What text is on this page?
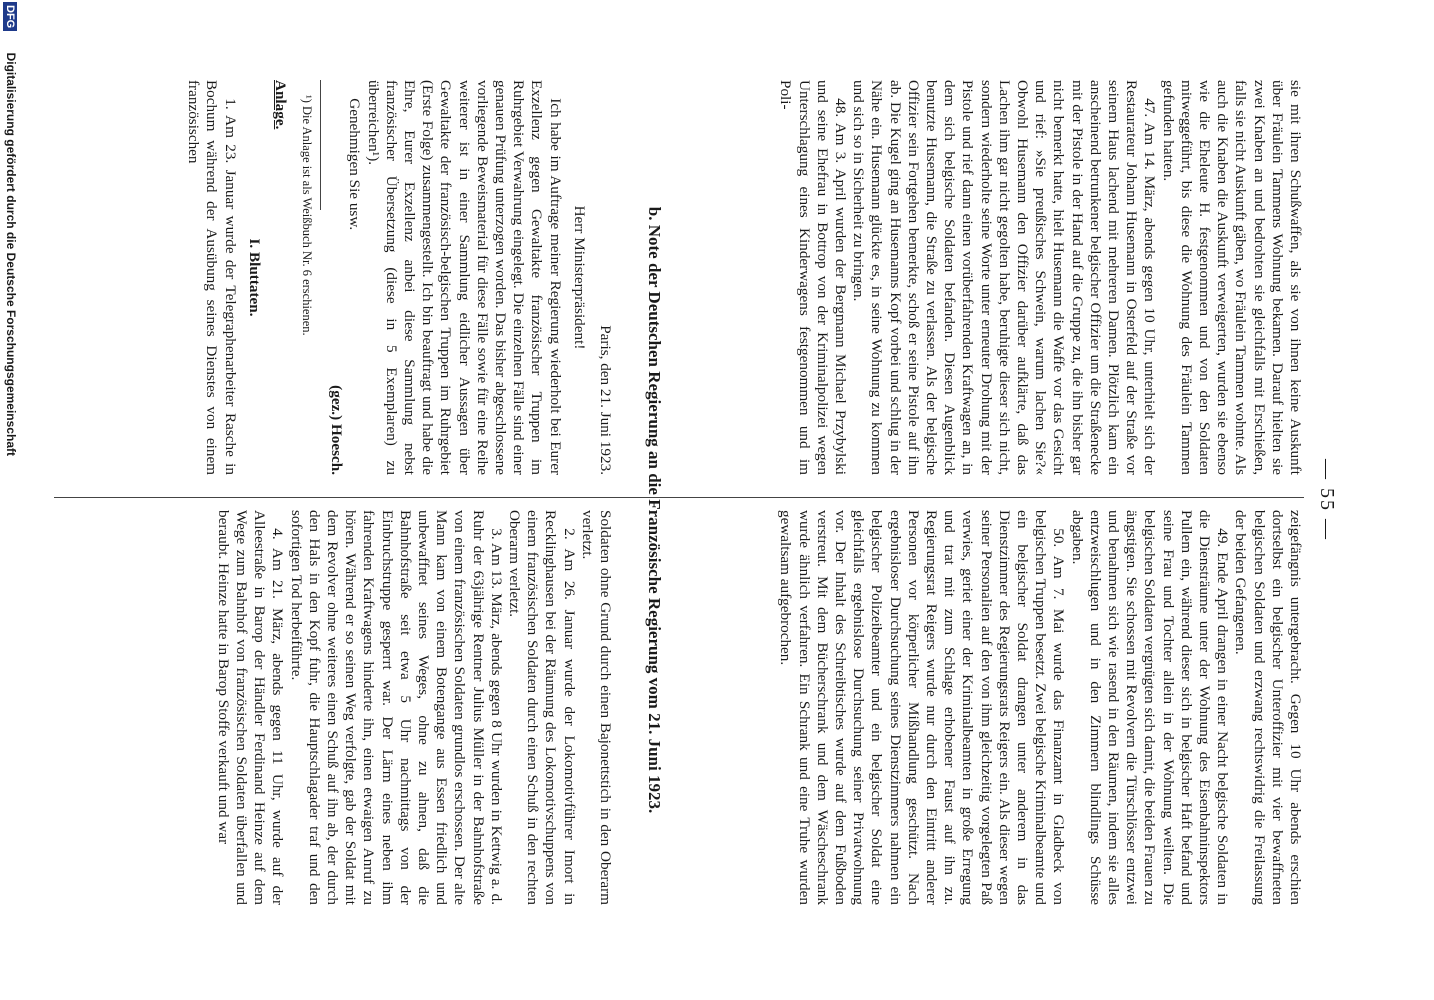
— 55 —

sie mit ihren Schußwaffen, als sie von ihnen keine Auskunft über Fräulein Tammens Wohnung bekamen. Darauf hielten sie zwei Knaben an und bedrohten sie gleichfalls mit Erschießen, falls sie nicht Auskunft gäben, wo Fräulein Tammen wohnte. Als auch die Knaben die Auskunft verweigerten, wurden sie ebenso wie die Eheleute H. festgenommen und von den Soldaten mitweggeführt, bis diese die Wohnung des Fräulein Tammen gefunden hatten.

47. Am 14. März, abends gegen 10 Uhr, unterhielt sich der Restaurateur Johann Husemann in Osterfeld auf der Straße vor seinem Haus lachend mit mehreren Damen. Plötzlich kam ein anscheinend betrunkener belgischer Offizier um die Straßenecke mit der Pistole in der Hand auf die Gruppe zu, die ihn bisher gar nicht bemerkt hatte, hielt Husemann die Waffe vor das Gesicht und rief: »Sie preußisches Schwein, warum lachen Sie?« Obwohl Husemann den Offizier darüber aufklärte, daß das Lachen ihm gar nicht gegolten habe, beruhigte dieser sich nicht, sondern wiederholte seine Worte unter erneuter Drohung mit der Pistole und rief dann einen vorüberfahrenden Kraftwagen an, in dem sich belgische Soldaten befanden. Diesen Augenblick benutzte Husemann, die Straße zu verlassen. Als der belgische Offizier sein Fortgehen bemerkte, schoß er seine Pistole auf ihn ab. Die Kugel ging an Husemanns Kopf vorbei und schlug in der Nähe ein. Husemann glückte es, in seine Wohnung zu kommen und sich so in Sicherheit zu bringen.

48. Am 3. April wurden der Bergmann Michael Przybylski und seine Ehefrau in Bottrop von der Kriminalpolizei wegen Unterschlagung eines Kinderwagens festgenommen und im Poli-

zeigefängnis untergebracht. Gegen 10 Uhr abends erschien dortselbst ein belgischer Unteroffizier mit vier bewaffneten belgischen Soldaten und erzwang rechtswidrig die Freilassung der beiden Gefangenen.

49. Ende April drangen in einer Nacht belgische Soldaten in die Diensträume unter der Wohnung des Eisenbahninspektors Pullem ein, während dieser sich in belgischer Haft befand und seine Frau und Tochter allein in der Wohnung weilten. Die belgischen Soldaten vergnügten sich damit, die beiden Frauen zu ängstigen. Sie schossen mit Revolvern die Türschlösser entzwei und benahmen sich wie rasend in den Räumen, indem sie alles entzweischlugen und in den Zimmern blindlings Schüsse abgaben.

50. Am 7. Mai wurde das Finanzamt in Gladbeck von belgischen Truppen besetzt. Zwei belgische Kriminalbeamte und ein belgischer Soldat drangen unter anderem in das Dienstzimmer des Regierungsrats Reigers ein. Als dieser wegen seiner Personalien auf den von ihm gleichzeitig vorgelegten Paß verwies, geriet einer der Kriminalbeamten in große Erregung und trat mit zum Schlage erhobener Faust auf ihn zu. Regierungsrat Reigers wurde nur durch den Eintritt anderer Personen vor körperlicher Mißhandlung geschützt. Nach ergebnisloser Durchsuchung seines Dienstzimmers nahmen ein belgischer Polizeibeamter und ein belgischer Soldat eine gleichfalls ergebnislose Durchsuchung seiner Privatwohnung vor. Der Inhalt des Schreibtisches wurde auf dem Fußboden verstreut. Mit dem Bücherschrank und dem Wäscheschrank wurde ähnlich verfahren. Ein Schrank und eine Truhe wurden gewaltsam aufgebrochen.

b. Note der Deutschen Regierung an die Französische Regierung vom 21. Juni 1923.

Paris, den 21. Juni 1923.

Herr Ministerpräsident!

Ich habe im Auftrage meiner Regierung wiederholt bei Eurer Exzellenz gegen Gewaltakte französischer Truppen im Ruhrgebiet Verwahrung eingelegt. Die einzelnen Fälle sind einer genauen Prüfung unterzogen worden. Das bisher abgeschlossene vorliegende Beweismaterial für diese Fälle sowie für eine Reihe weiterer ist in einer Sammlung eidlicher Aussagen über Gewaltakte der französisch-belgischen Truppen im Ruhrgebiet (Erste Folge) zusammengestellt. Ich bin beauftragt und habe die Ehre, Eurer Exzellenz anbei diese Sammlung nebst französischer Übersetzung (diese in 5 Exemplaren) zu überreichen¹).

Genehmigen Sie usw.

(gez.) Hoesch.

¹) Die Anlage ist als Weißbuch Nr. 6 erschienen.

Anlage.

I. Bluttaten.

1. Am 23. Januar wurde der Telegraphenarbeiter Rasche in Bochum während der Ausübung seines Dienstes von einem französischen

Soldaten ohne Grund durch einen Bajonettstich in den Oberarm verletzt.

2. Am 26. Januar wurde der Lokomotivführer Imort in Recklinghausen bei der Räumung des Lokomotivschuppens von einem französischen Soldaten durch einen Schuß in den rechten Oberarm verletzt.

3. Am 13. März, abends gegen 8 Uhr wurden in Kettwig a. d. Ruhr der 63jährige Rentner Julius Müller in der Bahnhofstraße von einem französischen Soldaten grundlos erschossen. Der alte Mann kam von einem Botengange aus Essen friedlich und unbewaffnet seines Weges, ohne zu ahnen, daß die Bahnhofstraße seit etwa 5 Uhr nachmittags von der Einbruchstruppe gesperrt war. Der Lärm eines neben ihm fahrenden Kraftwagens hinderte ihn, einen etwaigen Anruf zu hören. Während er so seinen Weg verfolgte, gab der Soldat mit dem Revolver ohne weiteres einen Schuß auf ihn ab, der durch den Hals in den Kopf fuhr, die Hauptschlagader traf und den sofortigen Tod herbeiführte.

4. Am 21. März, abends gegen 11 Uhr, wurde auf der Alleestraße in Barop der Händler Ferdinand Heinze auf dem Wege zum Bahnhof von französischen Soldaten überfallen und beraubt. Heinze hatte in Barop Stoffe verkauft und war

DFG Digitalisierung gefördert durch die Deutsche Forschungsgemeinschaft
